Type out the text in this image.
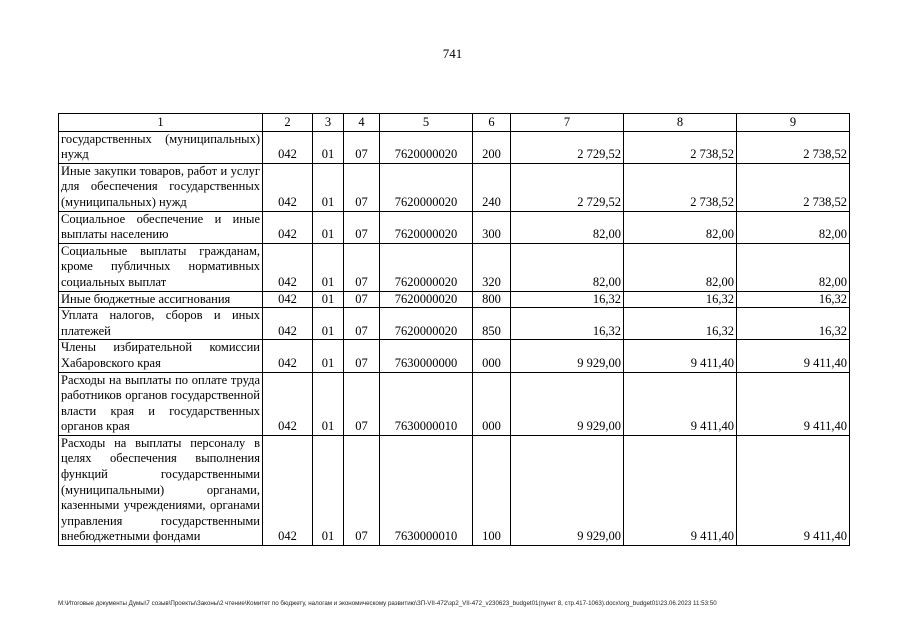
741
1	2	3	4	5	6	7	8	9
государственных (муниципальных) нужд	042	01	07	7620000020	200	2 729,52	2 738,52	2 738,52
Иные закупки товаров, работ и услуг для обеспечения государственных (муниципальных) нужд	042	01	07	7620000020	240	2 729,52	2 738,52	2 738,52
Социальное обеспечение и иные выплаты населению	042	01	07	7620000020	300	82,00	82,00	82,00
Социальные выплаты гражданам, кроме публичных нормативных социальных выплат	042	01	07	7620000020	320	82,00	82,00	82,00
Иные бюджетные ассигнования	042	01	07	7620000020	800	16,32	16,32	16,32
Уплата налогов, сборов и иных платежей	042	01	07	7620000020	850	16,32	16,32	16,32
Члены избирательной комиссии Хабаровского края	042	01	07	7630000000	000	9 929,00	9 411,40	9 411,40
Расходы на выплаты по оплате труда работников органов государственной власти края и государственных органов края	042	01	07	7630000010	000	9 929,00	9 411,40	9 411,40
Расходы на выплаты персоналу в целях обеспечения выполнения функций государственными (муниципальными) органами, казенными учреждениями, органами управления государственными внебюджетными фондами	042	01	07	7630000010	100	9 929,00	9 411,40	9 411,40
М:\Итоговые документы Думы\7 созыв\Проекты\Законы\2 чтение\Комитет по бюджету, налогам и экономическому развитию\ЗП-VII-472\зр2_VII-472_v230623_budget01(пункт 8, стр.417-1063).docx\org_budget01\23.06.2023 11:53:50
